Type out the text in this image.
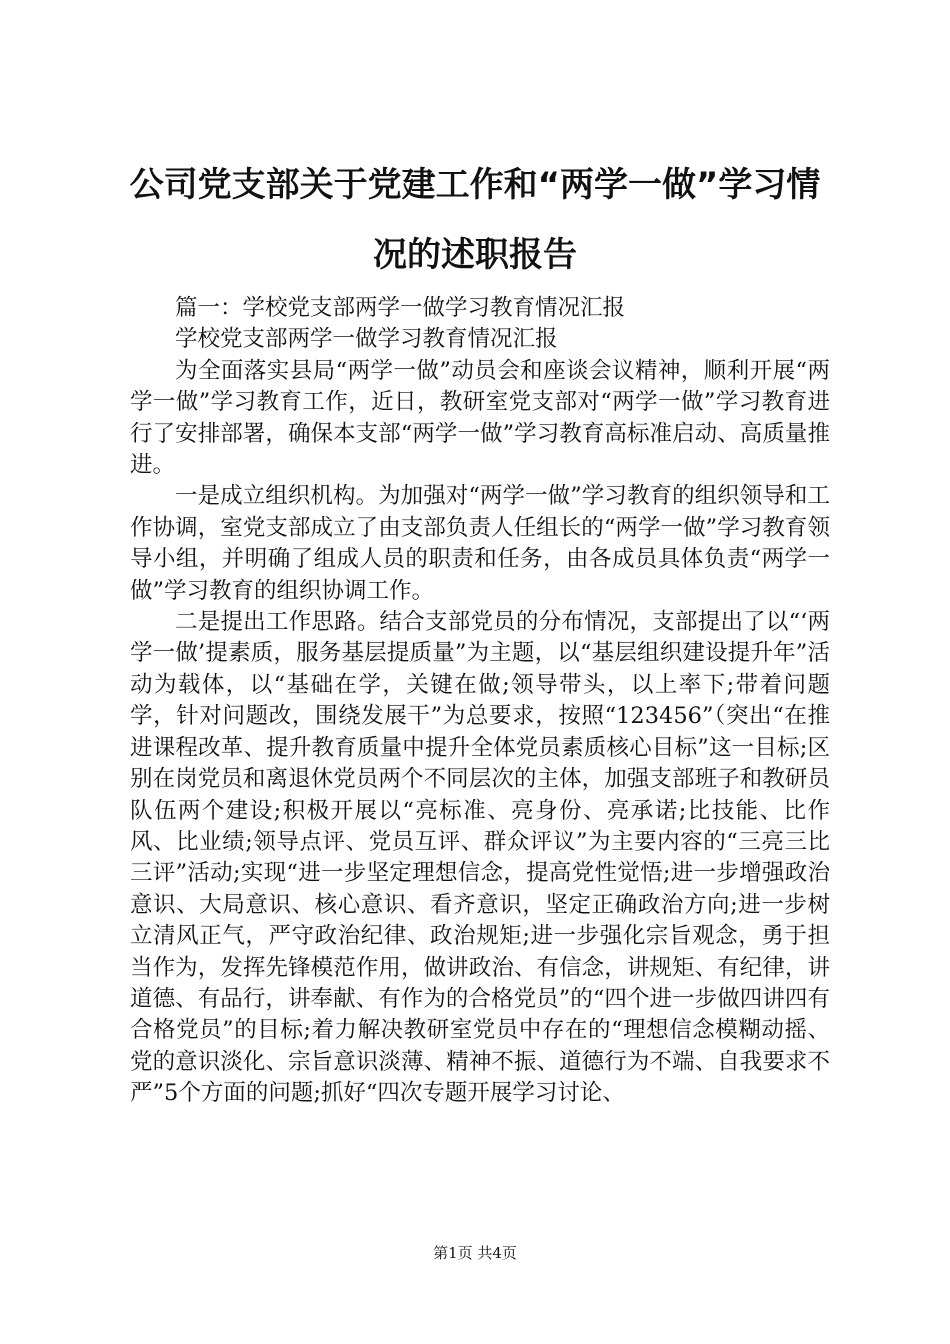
公司党支部关于党建工作和“两学一做”学习情况的述职报告

篇一：学校党支部两学一做学习教育情况汇报

学校党支部两学一做学习教育情况汇报

为全面落实县局“两学一做”动员会和座谈会议精神，顺利开展“两学一做”学习教育工作，近日，教研室党支部对“两学一做”学习教育进行了安排部署，确保本支部“两学一做”学习教育高标准启动、高质量推进。

一是成立组织机构。为加强对“两学一做”学习教育的组织领导和工作协调，室党支部成立了由支部负责人任组长的“两学一做”学习教育领导小组，并明确了组成人员的职责和任务，由各成员具体负责“两学一做”学习教育的组织协调工作。

二是提出工作思路。结合支部党员的分布情况，支部提出了以“‘两学一做’提素质，服务基层提质量”为主题，以“基层组织建设提升年”活动为载体，以“基础在学，关键在做;领导带头，以上率下;带着问题学，针对问题改，围绕发展干”为总要求，按照“123456”（突出“在推进课程改革、提升教育质量中提升全体党员素质核心目标”这一目标;区别在岗党员和离退休党员两个不同层次的主体，加强支部班子和教研员队伍两个建设;积极开展以“亮标准、亮身份、亮承诺;比技能、比作风、比业绩;领导点评、党员互评、群众评议”为主要内容的“三亮三比三评”活动;实现“进一步坚定理想信念，提高党性觉悟;进一步增强政治意识、大局意识、核心意识、看齐意识，坚定正确政治方向;进一步树立清风正气，严守政治纪律、政治规矩;进一步强化宗旨观念，勇于担当作为，发挥先锋模范作用，做讲政治、有信念，讲规矩、有纪律，讲道德、有品行，讲奉献、有作为的合格党员”的“四个进一步做四讲四有合格党员”的目标;着力解决教研室党员中存在的“理想信念模糊动摇、党的意识淡化、宗旨意识淡薄、精神不振、道德行为不端、自我要求不严”5个方面的问题;抓好“四次专题开展学习讨论、

第1页 共4页
